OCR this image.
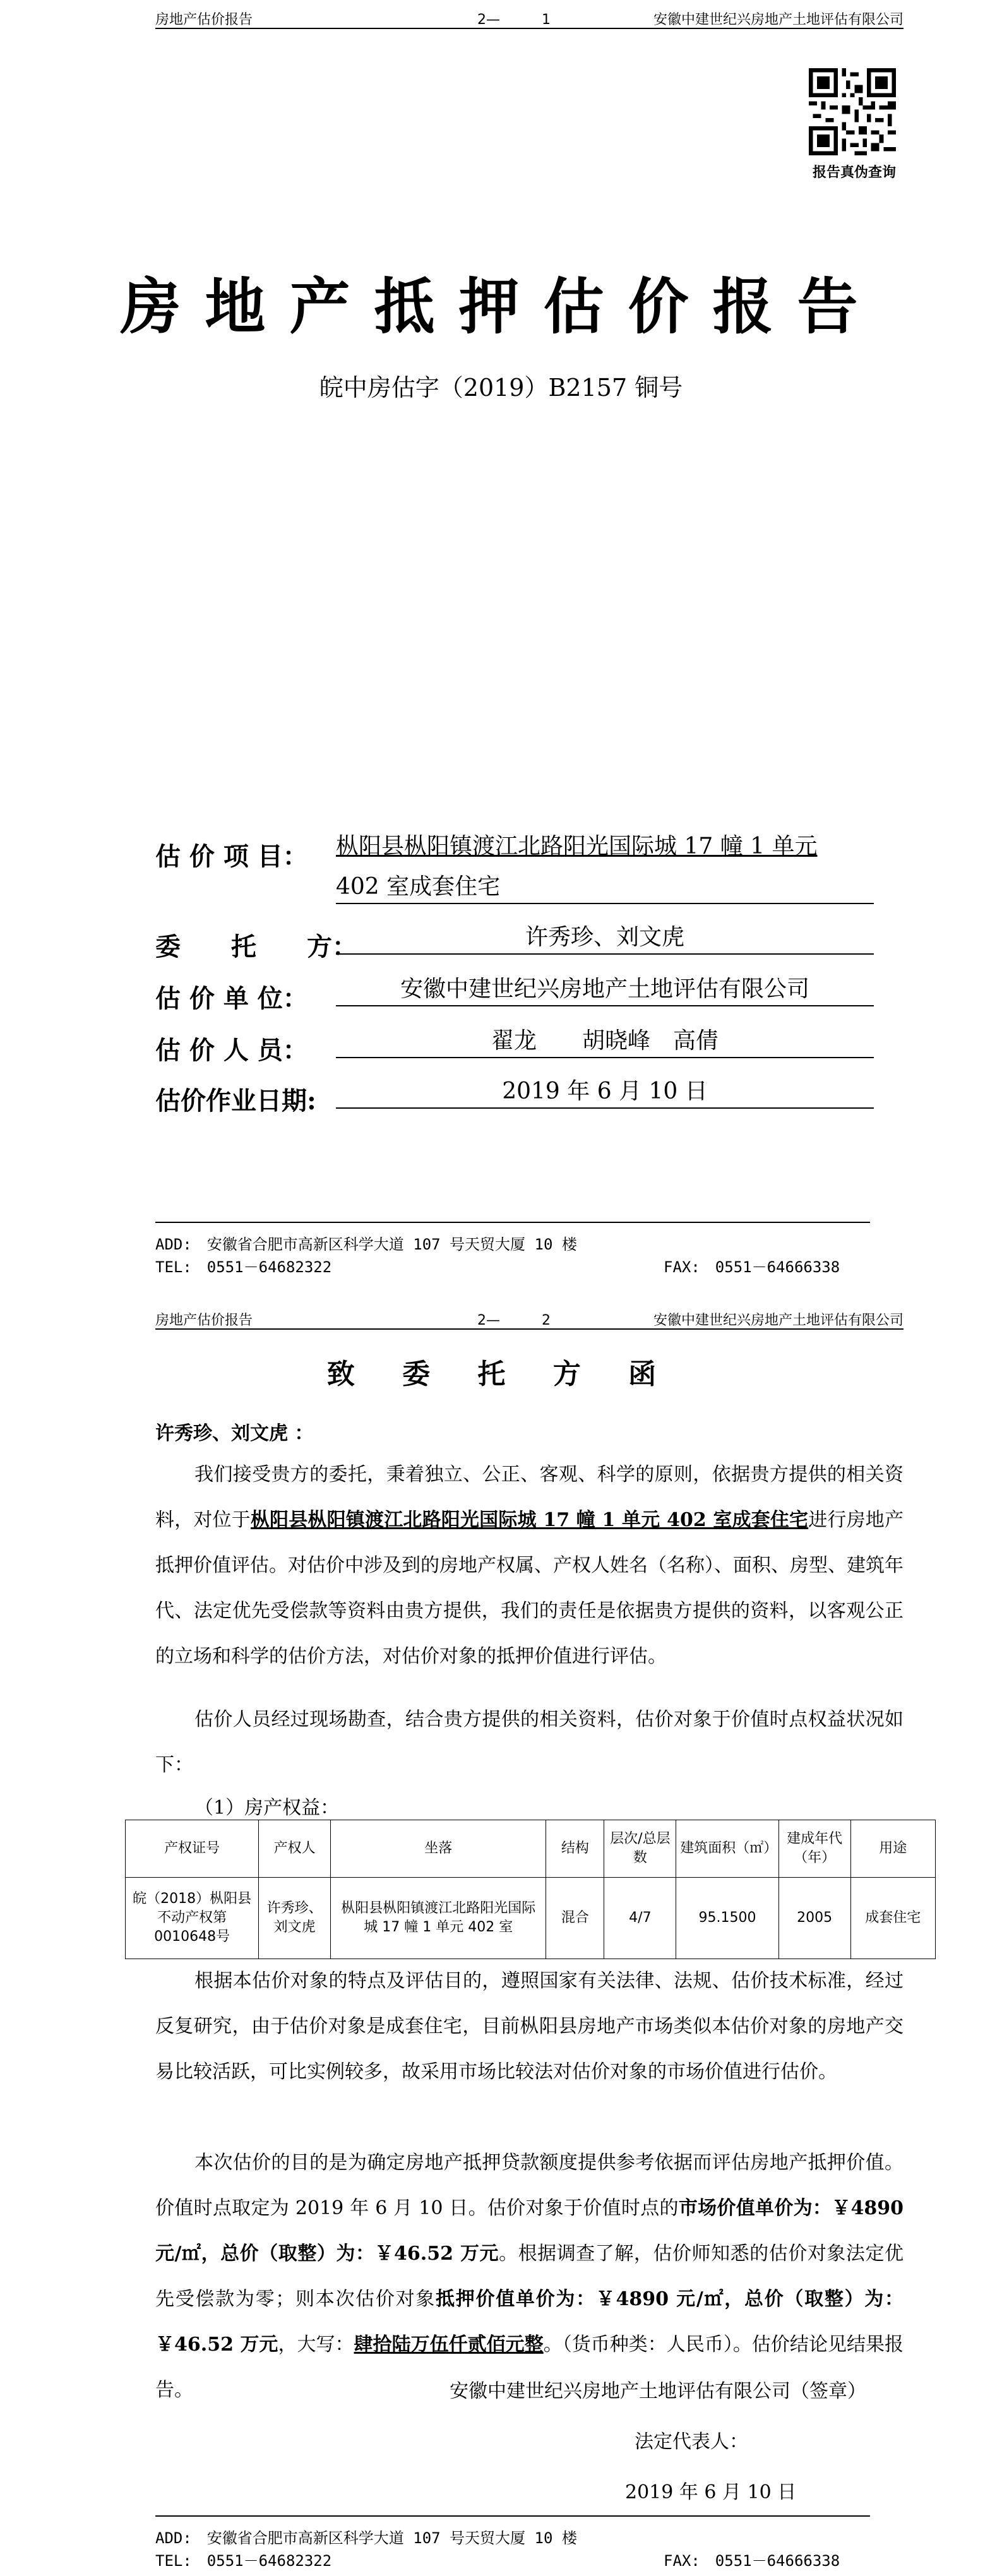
房地产估价报告	2—　　　1	安徽中建世纪兴房地产土地评估有限公司
报告真伪查询
房地产抵押估价报告
皖中房估字（2019）B2157 铜号
估 价 项 目： 枞阳县枞阳镇渡江北路阳光国际城 17 幢 1 单元
402 室成套住宅
委　　托　　方：	许秀珍、刘文虎
估 价 单 位：	安徽中建世纪兴房地产土地评估有限公司
估 价 人 员：	翟龙　　胡晓峰　高倩
估价作业日期:	2019 年 6 月 10 日
ADD:　安徽省合肥市高新区科学大道 107 号天贸大厦 10 楼
TEL:　0551－64682322	FAX:　0551－64666338
房地产估价报告	2—　　　2	安徽中建世纪兴房地产土地评估有限公司
致 委 托 方 函
许秀珍、刘文虎 ：
我们接受贵方的委托，秉着独立、公正、客观、科学的原则，依据贵方提供的相关资料，对位于枞阳县枞阳镇渡江北路阳光国际城 17 幢 1 单元 402 室成套住宅进行房地产抵押价值评估。对估价中涉及到的房地产权属、产权人姓名（名称）、面积、房型、建筑年代、法定优先受偿款等资料由贵方提供，我们的责任是依据贵方提供的资料，以客观公正的立场和科学的估价方法，对估价对象的抵押价值进行评估。
估价人员经过现场勘查，结合贵方提供的相关资料，估价对象于价值时点权益状况如下：
（1）房产权益：
产权证号	产权人	坐落	结构	层次/总层数	建筑面积（㎡）	建成年代（年）	用途
皖（2018）枞阳县不动产权第0010648号	许秀珍、刘文虎	枞阳县枞阳镇渡江北路阳光国际城 17 幢 1 单元 402 室	混合	4/7	95.1500	2005	成套住宅
根据本估价对象的特点及评估目的，遵照国家有关法律、法规、估价技术标准，经过反复研究，由于估价对象是成套住宅，目前枞阳县房地产市场类似本估价对象的房地产交易比较活跃，可比实例较多，故采用市场比较法对估价对象的市场价值进行估价。
本次估价的目的是为确定房地产抵押贷款额度提供参考依据而评估房地产抵押价值。价值时点取定为 2019 年 6 月 10 日。估价对象于价值时点的市场价值单价为：￥4890 元/㎡，总价（取整）为：￥46.52 万元。根据调查了解，估价师知悉的估价对象法定优先受偿款为零；则本次估价对象抵押价值单价为：￥4890 元/㎡，总价（取整）为：￥46.52 万元，大写：肆拾陆万伍仟贰佰元整。（货币种类：人民币）。估价结论见结果报告。	安徽中建世纪兴房地产土地评估有限公司（签章）
法定代表人：
2019 年 6 月 10 日
ADD:　安徽省合肥市高新区科学大道 107 号天贸大厦 10 楼
TEL:　0551－64682322	FAX:　0551－64666338
